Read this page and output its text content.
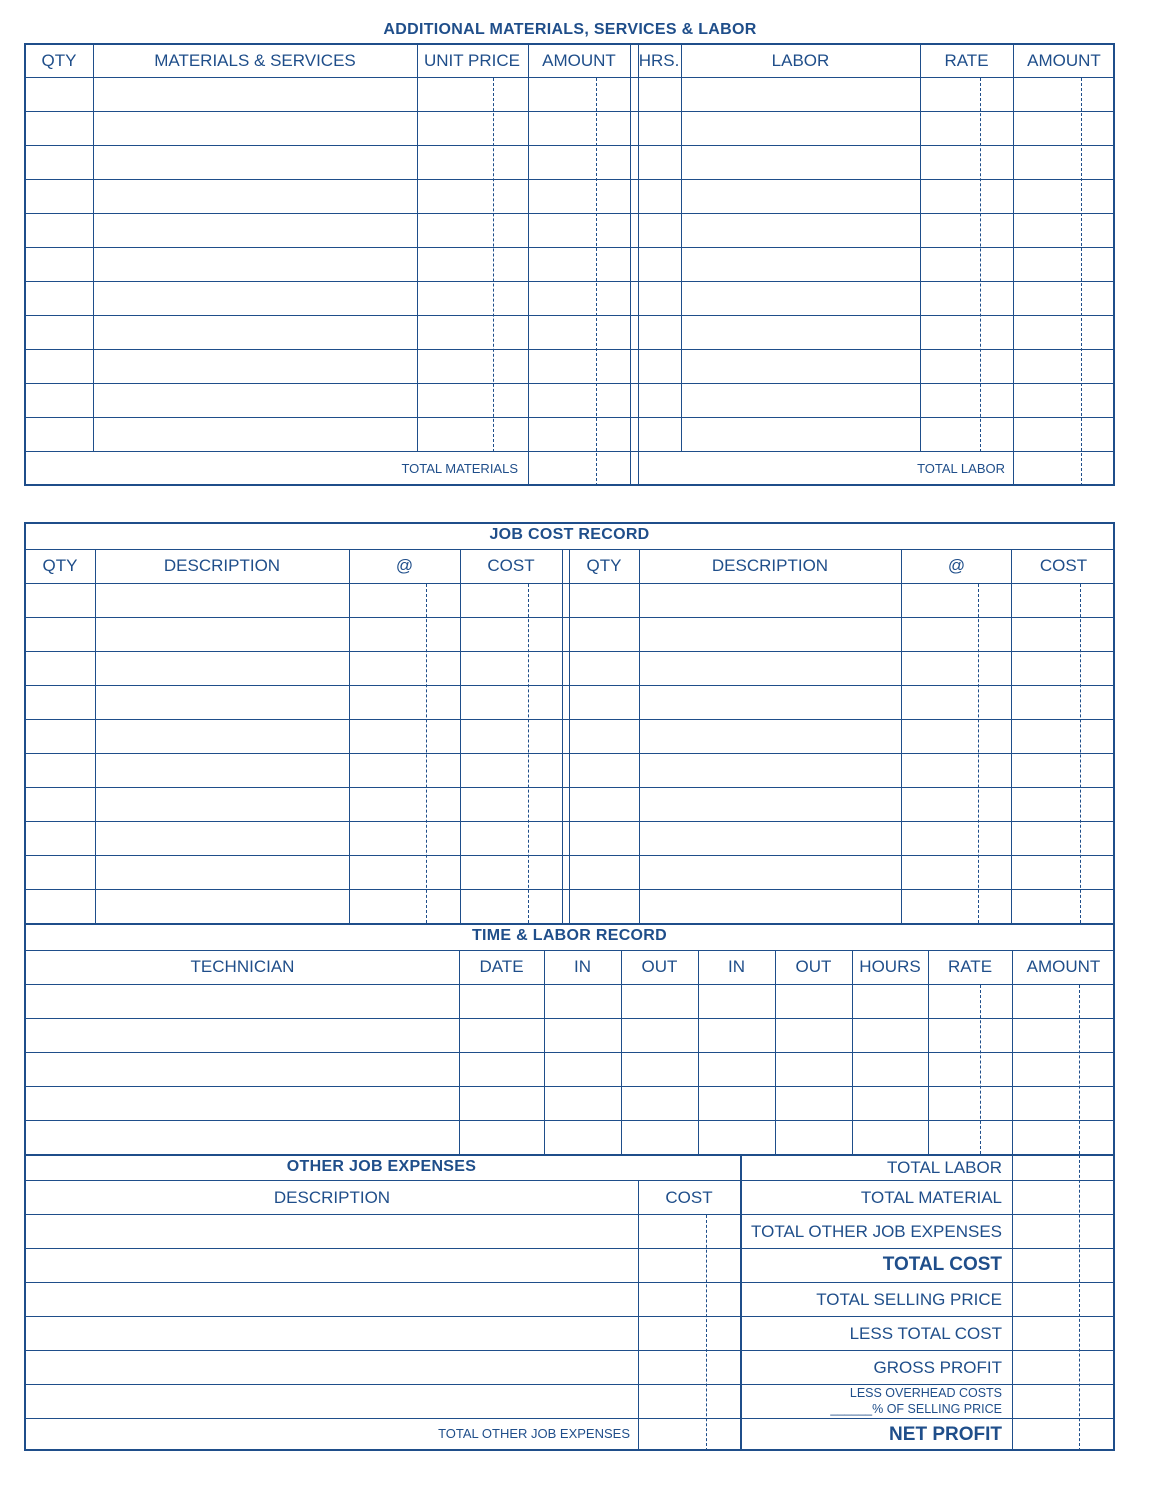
ADDITIONAL MATERIALS, SERVICES & LABOR
QTY	MATERIALS & SERVICES	UNIT PRICE	AMOUNT	HRS.	LABOR	RATE	AMOUNT
TOTAL MATERIALS	TOTAL LABOR
JOB COST RECORD
QTY	DESCRIPTION	@	COST	QTY	DESCRIPTION	@	COST
TIME & LABOR RECORD
TECHNICIAN	DATE	IN	OUT	IN	OUT	HOURS	RATE	AMOUNT
OTHER JOB EXPENSES
DESCRIPTION	COST
TOTAL OTHER JOB EXPENSES
TOTAL LABOR
TOTAL MATERIAL
TOTAL OTHER JOB EXPENSES
TOTAL COST
TOTAL SELLING PRICE
LESS TOTAL COST
GROSS PROFIT
LESS OVERHEAD COSTS
______% OF SELLING PRICE
NET PROFIT
